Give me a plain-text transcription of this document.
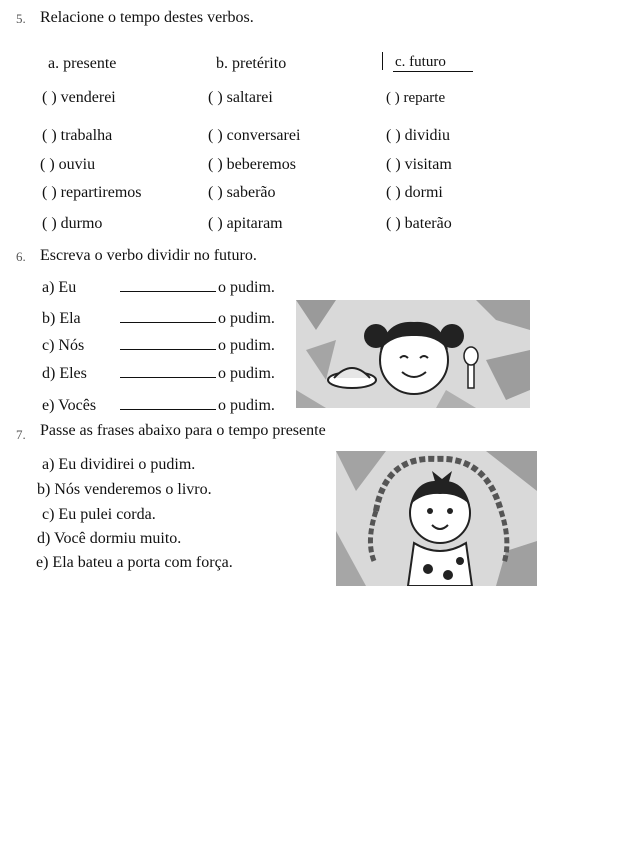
5. Relacione o tempo destes verbos.
a. presente	b. pretérito	c. futuro
( ) venderei	( ) saltarei	( ) reparte
( ) trabalha	( ) conversarei	( ) dividiu
( ) ouviu	( ) beberemos	( ) visitam
( ) repartiremos	( ) saberão	( ) dormi
( ) durmo	( ) apitaram	( ) baterão
6. Escreva o verbo dividir no futuro.
a) Eu	o pudim.
b) Ela	o pudim.
c) Nós	o pudim.
d) Eles	o pudim.
e) Vocês	o pudim.
7. Passe as frases abaixo para o tempo presente
a) Eu dividirei o pudim.
b) Nós venderemos o livro.
c) Eu pulei corda.
d) Você dormiu muito.
e) Ela bateu a porta com força.
